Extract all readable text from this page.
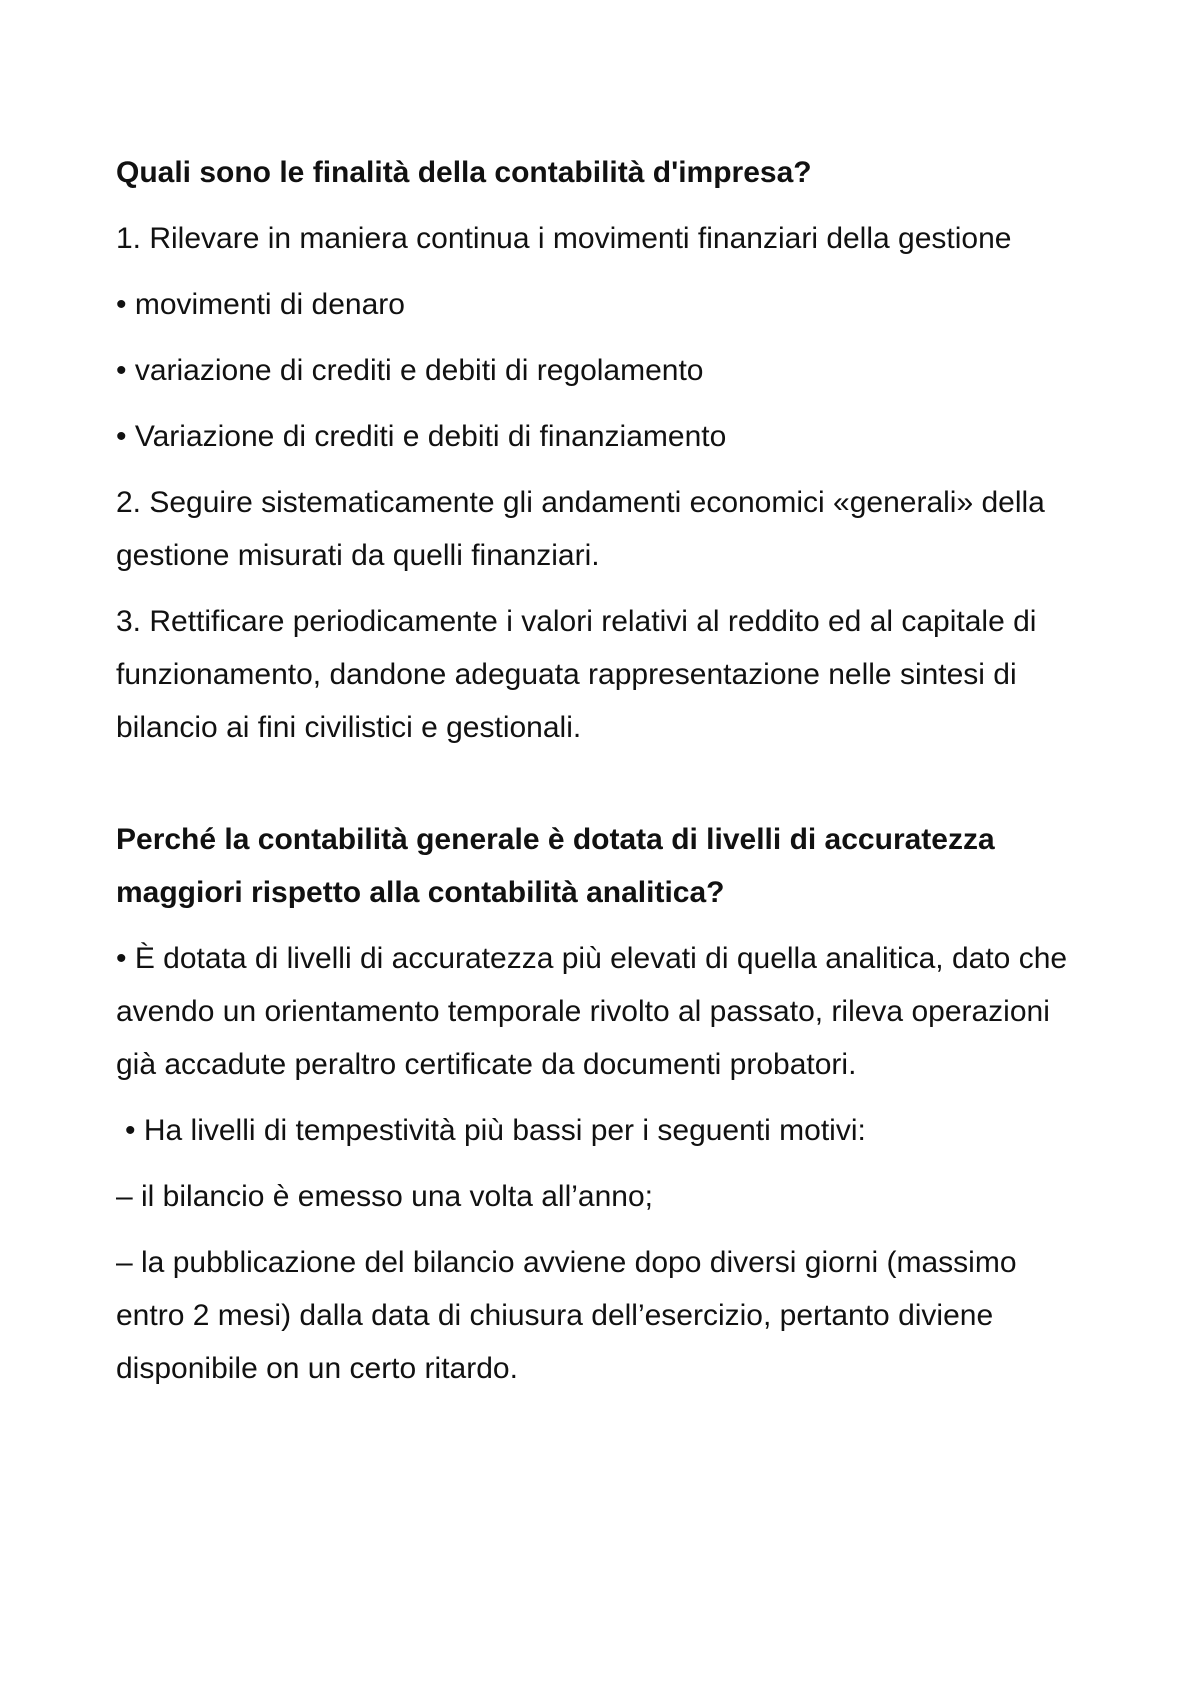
Quali sono le finalità della contabilità d'impresa?
1. Rilevare in maniera continua i movimenti finanziari della gestione
• movimenti di denaro
• variazione di crediti e debiti di regolamento
• Variazione di crediti e debiti di finanziamento
2. Seguire sistematicamente gli andamenti economici «generali» della gestione misurati da quelli finanziari.
3. Rettificare periodicamente i valori relativi al reddito ed al capitale di funzionamento, dandone adeguata rappresentazione nelle sintesi di bilancio ai fini civilistici e gestionali.
Perché la contabilità generale è dotata di livelli di accuratezza maggiori rispetto alla contabilità analitica?
• È dotata di livelli di accuratezza più elevati di quella analitica, dato che avendo un orientamento temporale rivolto al passato, rileva operazioni già accadute peraltro certificate da documenti probatori.
• Ha livelli di tempestività più bassi per i seguenti motivi:
– il bilancio è emesso una volta all’anno;
– la pubblicazione del bilancio avviene dopo diversi giorni (massimo entro 2 mesi) dalla data di chiusura dell’esercizio, pertanto diviene disponibile on un certo ritardo.
